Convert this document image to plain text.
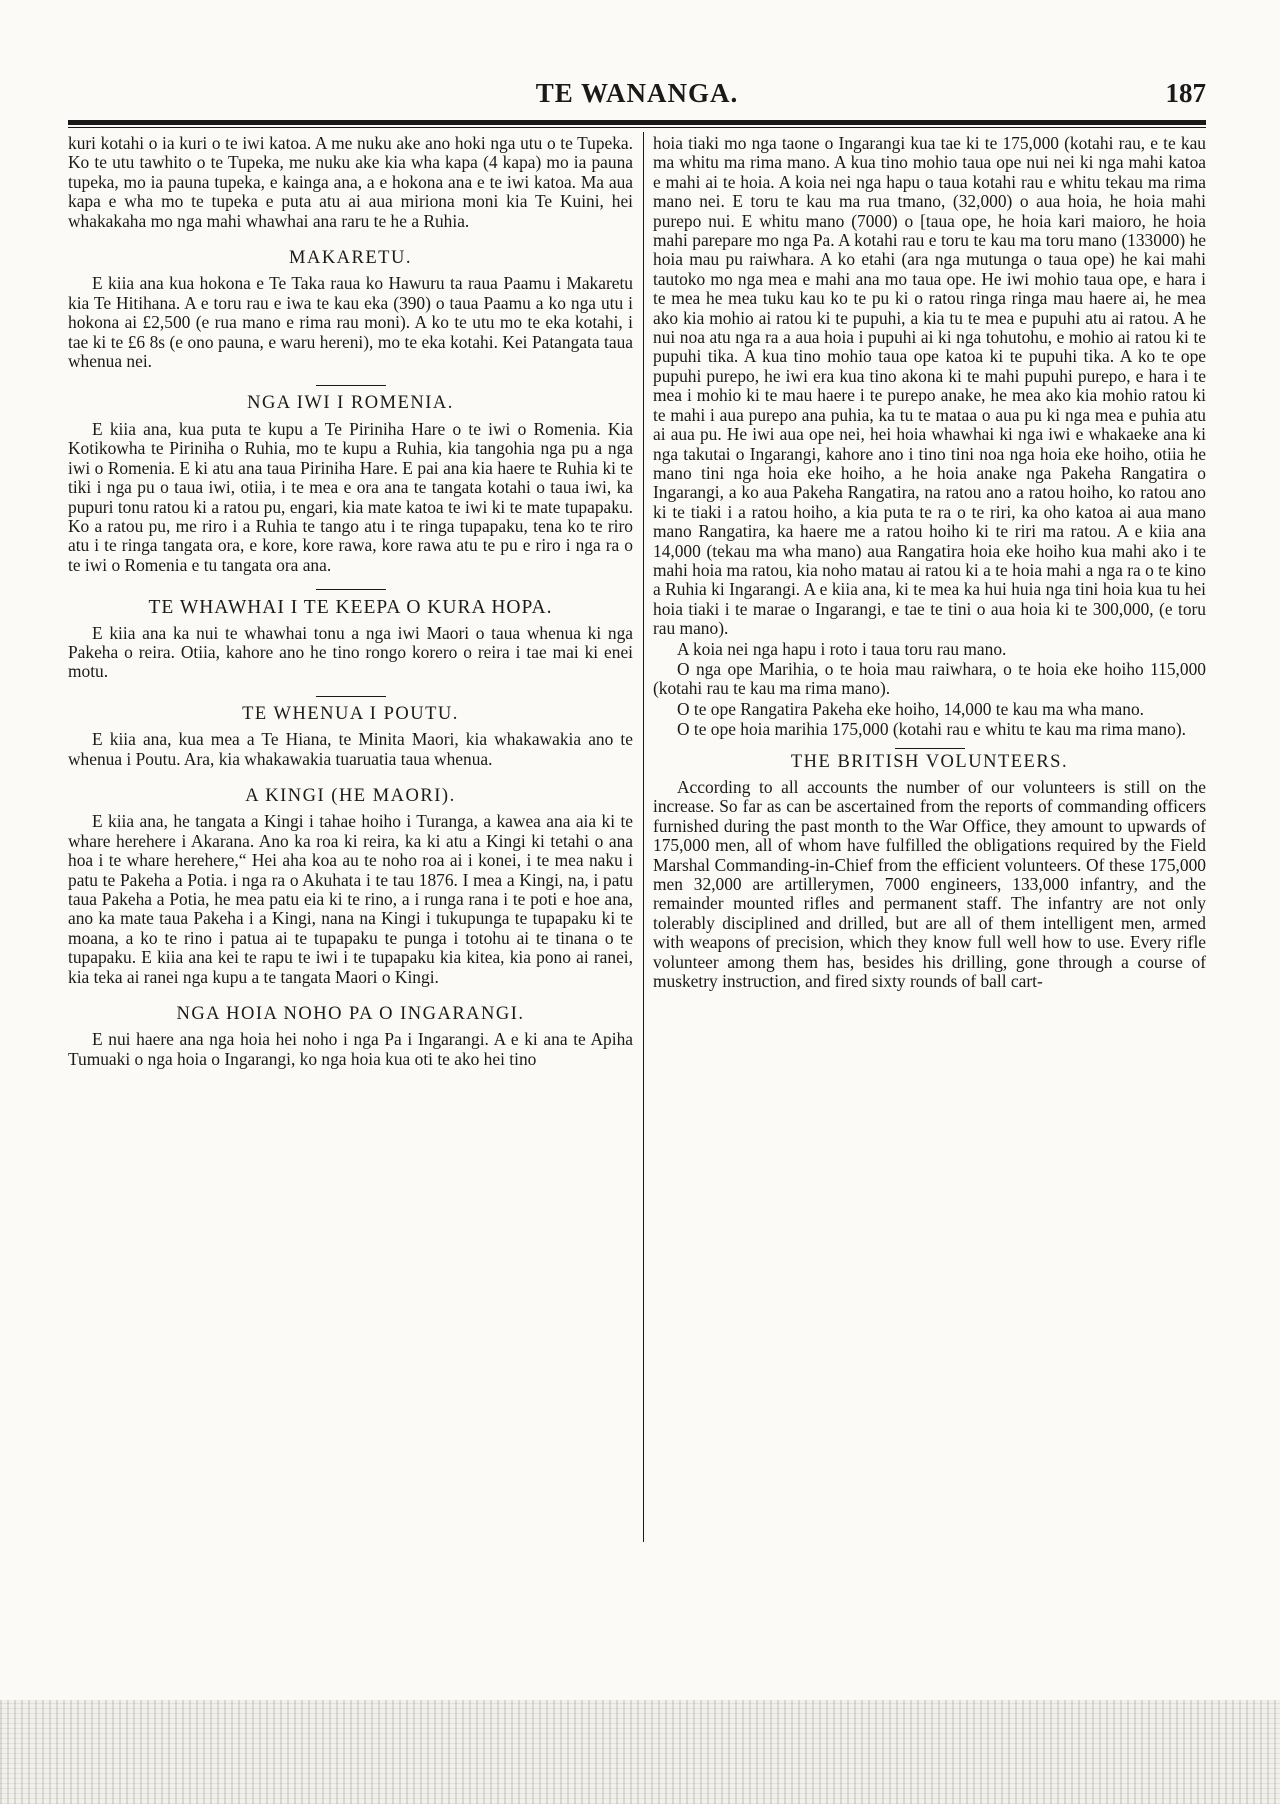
TE WANANGA.	187

kuri kotahi o ia kuri o te iwi katoa. A me nuku ake ano hoki nga utu o te Tupeka. Ko te utu tawhito o te Tupeka, me nuku ake kia wha kapa (4 kapa) mo ia pauna tupeka, mo ia pauna tupeka, e kainga ana, a e hokona ana e te iwi katoa. Ma aua kapa e wha mo te tupeka e puta atu ai aua miriona moni kia Te Kuini, hei whakakaha mo nga mahi whawhai ana raru te he a Ruhia.

MAKARETU.

E kiia ana kua hokona e Te Taka raua ko Hawuru ta raua Paamu i Makaretu kia Te Hitihana. A e toru rau e iwa te kau eka (390) o taua Paamu a ko nga utu i hokona ai £2,500 (e rua mano e rima rau moni). A ko te utu mo te eka kotahi, i tae ki te £6 8s (e ono pauna, e waru hereni), mo te eka kotahi. Kei Patangata taua whenua nei.

NGA IWI I ROMENIA.

E kiia ana, kua puta te kupu a Te Piriniha Hare o te iwi o Romenia. Kia Kotikowha te Piriniha o Ruhia, mo te kupu a Ruhia, kia tangohia nga pu a nga iwi o Romenia. E ki atu ana taua Piriniha Hare. E pai ana kia haere te Ruhia ki te tiki i nga pu o taua iwi, otiia, i te mea e ora ana te tangata kotahi o taua iwi, ka pupuri tonu ratou ki a ratou pu, engari, kia mate katoa te iwi ki te mate tupapaku. Ko a ratou pu, me riro i a Ruhia te tango atu i te ringa tupapaku, tena ko te riro atu i te ringa tangata ora, e kore, kore rawa, kore rawa atu te pu e riro i nga ra o te iwi o Romenia e tu tangata ora ana.

TE WHAWHAI I TE KEEPA O KURA HOPA.

E kiia ana ka nui te whawhai tonu a nga iwi Maori o taua whenua ki nga Pakeha o reira. Otiia, kahore ano he tino rongo korero o reira i tae mai ki enei motu.

TE WHENUA I POUTU.

E kiia ana, kua mea a Te Hiana, te Minita Maori, kia whakawakia ano te whenua i Poutu. Ara, kia whakawakia tuaruatia taua whenua.

A KINGI (HE MAORI).

E kiia ana, he tangata a Kingi i tahae hoiho i Turanga, a kawea ana aia ki te whare herehere i Akarana. Ano ka roa ki reira, ka ki atu a Kingi ki tetahi o ana hoa i te whare herehere,“ Hei aha koa au te noho roa ai i konei, i te mea naku i patu te Pakeha a Potia. i nga ra o Akuhata i te tau 1876. I mea a Kingi, na, i patu taua Pakeha a Potia, he mea patu eia ki te rino, a i runga rana i te poti e hoe ana, ano ka mate taua Pakeha i a Kingi, nana na Kingi i tukupunga te tupapaku ki te moana, a ko te rino i patua ai te tupapaku te punga i totohu ai te tinana o te tupapaku. E kiia ana kei te rapu te iwi i te tupapaku kia kitea, kia pono ai ranei, kia teka ai ranei nga kupu a te tangata Maori o Kingi.

NGA HOIA NOHO PA O INGARANGI.

E nui haere ana nga hoia hei noho i nga Pa i Ingarangi. A e ki ana te Apiha Tumuaki o nga hoia o Ingarangi, ko nga hoia kua oti te ako hei tino

hoia tiaki mo nga taone o Ingarangi kua tae ki te 175,000 (kotahi rau, e te kau ma whitu ma rima mano. A kua tino mohio taua ope nui nei ki nga mahi katoa e mahi ai te hoia. A koia nei nga hapu o taua kotahi rau e whitu tekau ma rima mano nei. E toru te kau ma rua tmano, (32,000) o aua hoia, he hoia mahi purepo nui. E whitu mano (7000) o [taua ope, he hoia kari maioro, he hoia mahi parepare mo nga Pa. A kotahi rau e toru te kau ma toru mano (133000) he hoia mau pu raiwhara. A ko etahi (ara nga mutunga o taua ope) he kai mahi tautoko mo nga mea e mahi ana mo taua ope. He iwi mohio taua ope, e hara i te mea he mea tuku kau ko te pu ki o ratou ringa ringa mau haere ai, he mea ako kia mohio ai ratou ki te pupuhi, a kia tu te mea e pupuhi atu ai ratou. A he nui noa atu nga ra a aua hoia i pupuhi ai ki nga tohutohu, e mohio ai ratou ki te pupuhi tika. A kua tino mohio taua ope katoa ki te pupuhi tika. A ko te ope pupuhi purepo, he iwi era kua tino akona ki te mahi pupuhi purepo, e hara i te mea i mohio ki te mau haere i te purepo anake, he mea ako kia mohio ratou ki te mahi i aua purepo ana puhia, ka tu te mataa o aua pu ki nga mea e puhia atu ai aua pu. He iwi aua ope nei, hei hoia whawhai ki nga iwi e whakaeke ana ki nga takutai o Ingarangi, kahore ano i tino tini noa nga hoia eke hoiho, otiia he mano tini nga hoia eke hoiho, a he hoia anake nga Pakeha Rangatira o Ingarangi, a ko aua Pakeha Rangatira, na ratou ano a ratou hoiho, ko ratou ano ki te tiaki i a ratou hoiho, a kia puta te ra o te riri, ka oho katoa ai aua mano mano Rangatira, ka haere me a ratou hoiho ki te riri ma ratou. A e kiia ana 14,000 (tekau ma wha mano) aua Rangatira hoia eke hoiho kua mahi ako i te mahi hoia ma ratou, kia noho matau ai ratou ki a te hoia mahi a nga ra o te kino a Ruhia ki Ingarangi. A e kiia ana, ki te mea ka hui huia nga tini hoia kua tu hei hoia tiaki i te marae o Ingarangi, e tae te tini o aua hoia ki te 300,000, (e toru rau mano).

A koia nei nga hapu i roto i taua toru rau mano.

O nga ope Marihia, o te hoia mau raiwhara, o te hoia eke hoiho 115,000 (kotahi rau te kau ma rima mano).

O te ope Rangatira Pakeha eke hoiho, 14,000 te kau ma wha mano.

O te ope hoia marihia 175,000 (kotahi rau e whitu te kau ma rima mano).

THE BRITISH VOLUNTEERS.

According to all accounts the number of our volunteers is still on the increase. So far as can be ascertained from the reports of commanding officers furnished during the past month to the War Office, they amount to upwards of 175,000 men, all of whom have fulfilled the obligations required by the Field Marshal Commanding-in-Chief from the efficient volunteers. Of these 175,000 men 32,000 are artillerymen, 7000 engineers, 133,000 infantry, and the remainder mounted rifles and permanent staff. The infantry are not only tolerably disciplined and drilled, but are all of them intelligent men, armed with weapons of precision, which they know full well how to use. Every rifle volunteer among them has, besides his drilling, gone through a course of musketry instruction, and fired sixty rounds of ball cart-
